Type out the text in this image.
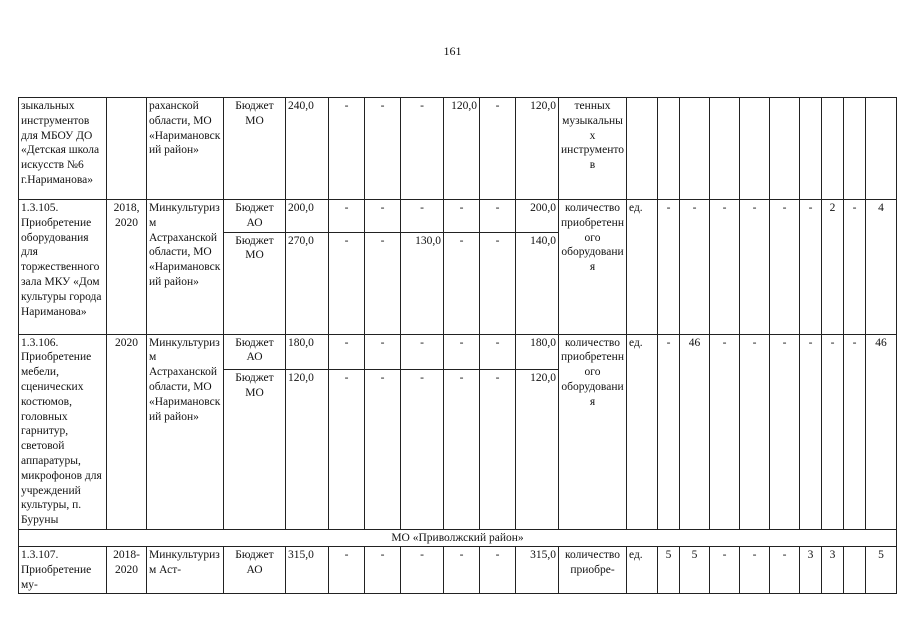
161
зыкальных инструментов для МБОУ ДО «Детская школа искусств №6 г.Нариманова»		раханской области, МО «Наримановский район»	Бюджет МО	240,0	-	-	-	120,0	-	120,0	тенных музыкальных инструментов										
1.3.105. Приобретение оборудования для торжественного зала МКУ «Дом культуры города Нариманова»	2018, 2020	Минкультуризм Астраханской области, МО «Наримановский район»	Бюджет АО	200,0	-	-	-	-	-	200,0	количество приобретенного оборудования	ед.	-	-	-	-	-	-	2	-	4
			Бюджет МО	270,0	-	-	130,0	-	-	140,0											
1.3.106. Приобретение мебели, сценических костюмов, головных гарнитур, световой аппаратуры, микрофонов для учреждений культуры, п. Буруны	2020	Минкультуризм Астраханской области, МО «Наримановский район»	Бюджет АО	180,0	-	-	-	-	-	180,0	количество приобретенного оборудования	ед.	-	46	-	-	-	-	-	-	46
			Бюджет МО	120,0	-	-	-	-	-	120,0											
МО «Приволжский район»																					
1.3.107. Приобретение му-	2018-2020	Минкультуризм Аст-	Бюджет АО	315,0	-	-	-	-	-	315,0	количество приобре-	ед.	5	5	-	-	-	3	3		5
